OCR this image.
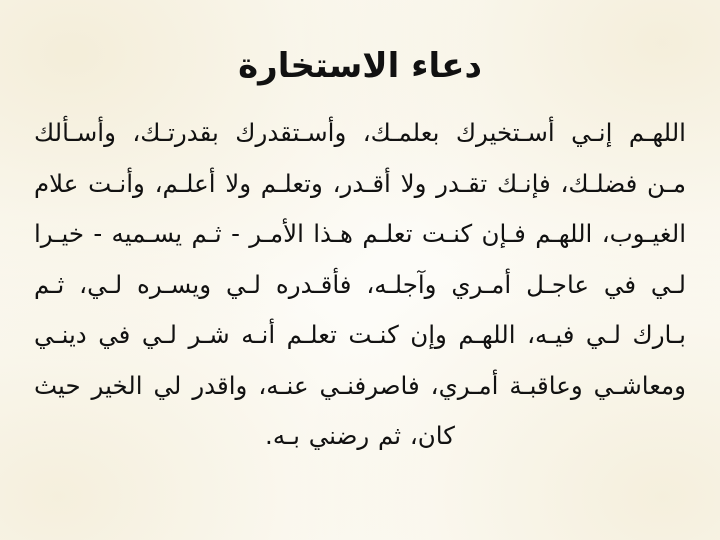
دعاء الاستخارة

اللهـم إنـي أسـتخيرك بعلمـك، وأسـتقدرك بقدرتـك، وأسـألك مـن فضلـك، فإنـك تقـدر ولا أقـدر، وتعلـم ولا أعلـم، وأنـت علام الغيـوب، اللهـم فـإن كنـت تعلـم هـذا الأمـر - ثـم يسـميه - خيـرا لـي في عاجـل أمـري وآجلـه، فأقـدره لـي ويسـره لـي، ثـم بـارك لـي فيـه، اللهـم وإن كنـت تعلـم أنـه شـر لـي في دينـي ومعاشـي وعاقبـة أمـري، فاصرفنـي عنـه، واقدر لي الخير حيث كان، ثم رضني بـه.
